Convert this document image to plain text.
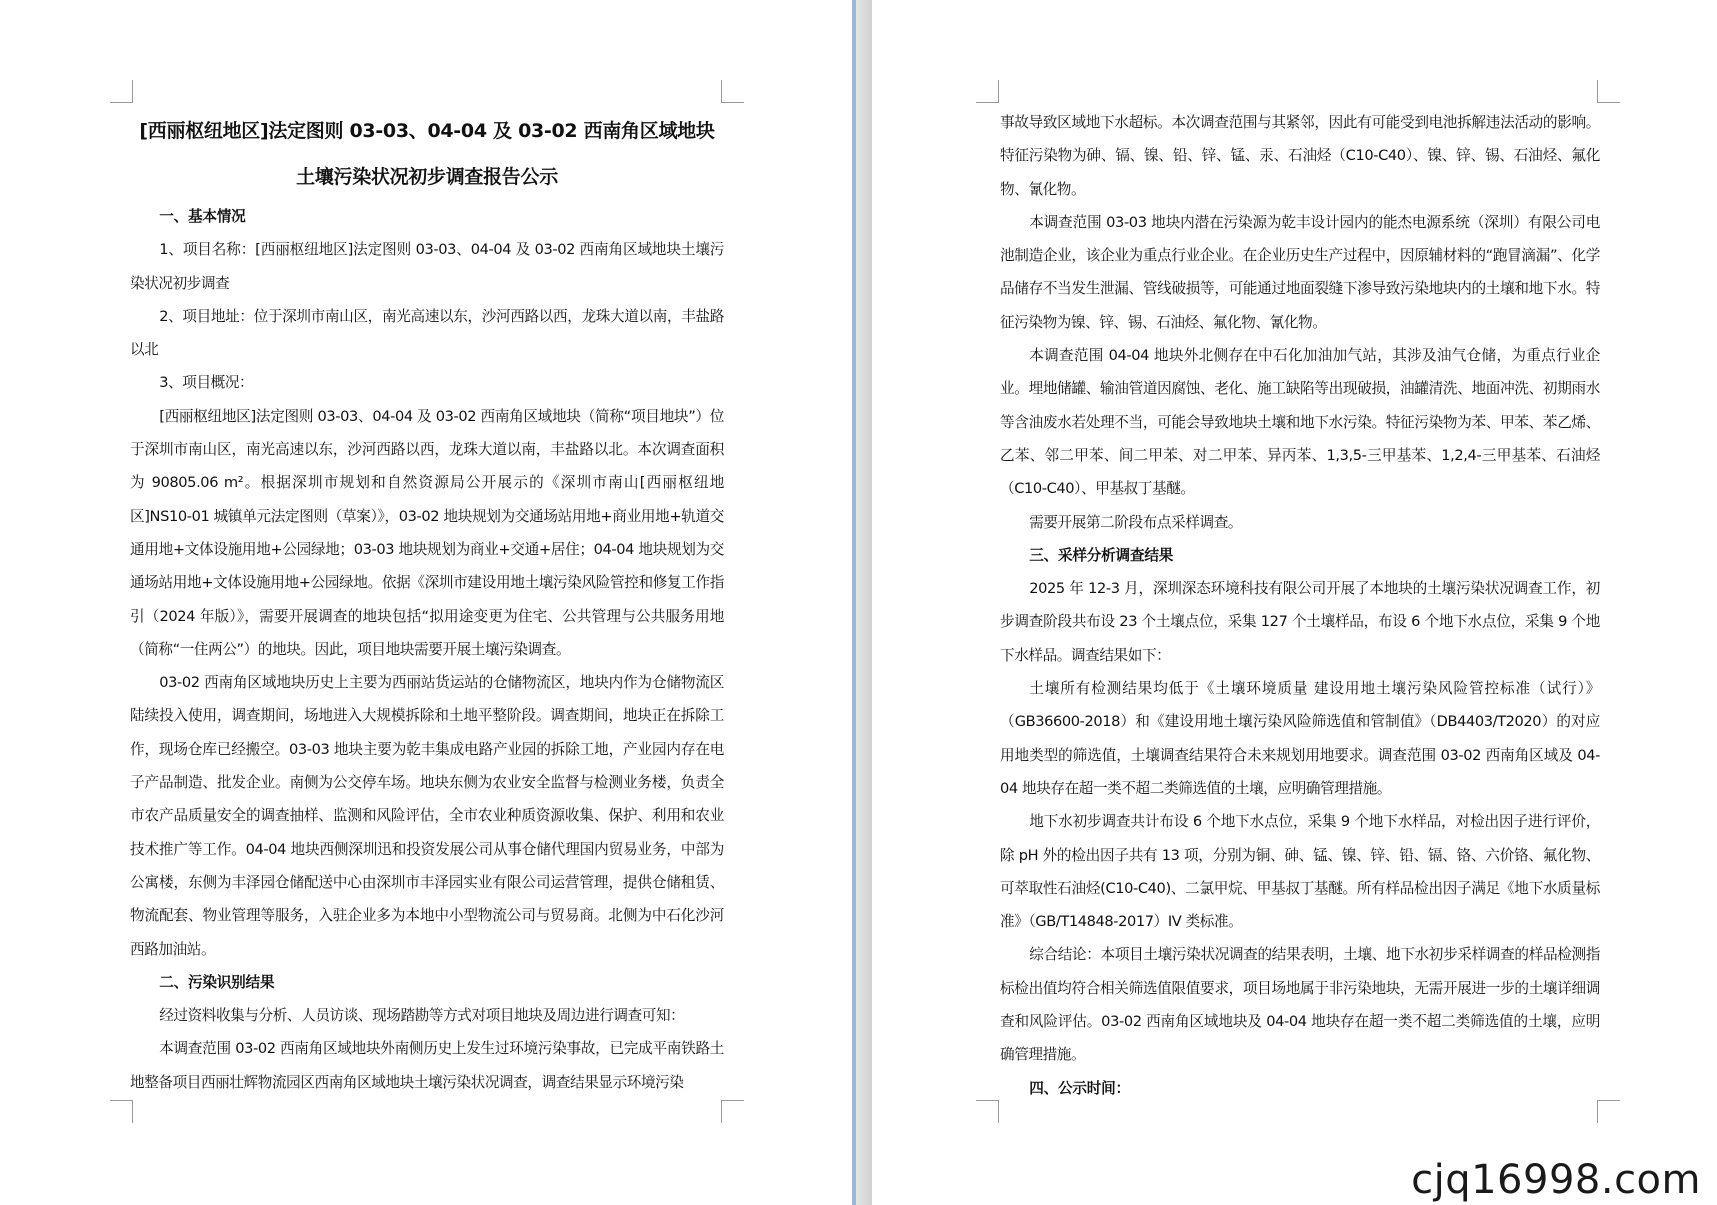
[西丽枢纽地区]法定图则 03-03、04-04 及 03-02 西南角区域地块

土壤污染状况初步调查报告公示

一、基本情况

1、项目名称：[西丽枢纽地区]法定图则 03-03、04-04 及 03-02 西南角区域地块土壤污染状况初步调查

2、项目地址：位于深圳市南山区，南光高速以东，沙河西路以西，龙珠大道以南，丰盐路以北

3、项目概况：

[西丽枢纽地区]法定图则 03-03、04-04 及 03-02 西南角区域地块（简称“项目地块”）位于深圳市南山区，南光高速以东，沙河西路以西，龙珠大道以南，丰盐路以北。本次调查面积为 90805.06 m²。根据深圳市规划和自然资源局公开展示的《深圳市南山[西丽枢纽地区]NS10-01 城镇单元法定图则（草案）》，03-02 地块规划为交通场站用地+商业用地+轨道交通用地+文体设施用地+公园绿地；03-03 地块规划为商业+交通+居住；04-04 地块规划为交通场站用地+文体设施用地+公园绿地。依据《深圳市建设用地土壤污染风险管控和修复工作指引（2024 年版）》，需要开展调查的地块包括“拟用途变更为住宅、公共管理与公共服务用地（简称“一住两公”）的地块。因此，项目地块需要开展土壤污染调查。

03-02 西南角区域地块历史上主要为西丽站货运站的仓储物流区，地块内作为仓储物流区陆续投入使用，调查期间，场地进入大规模拆除和土地平整阶段。调查期间，地块正在拆除工作，现场仓库已经搬空。03-03 地块主要为乾丰集成电路产业园的拆除工地，产业园内存在电子产品制造、批发企业。南侧为公交停车场。地块东侧为农业安全监督与检测业务楼，负责全市农产品质量安全的调查抽样、监测和风险评估，全市农业种质资源收集、保护、利用和农业技术推广等工作。04-04 地块西侧深圳迅和投资发展公司从事仓储代理国内贸易业务，中部为公寓楼，东侧为丰泽园仓储配送中心由深圳市丰泽园实业有限公司运营管理，提供仓储租赁、物流配套、物业管理等服务，入驻企业多为本地中小型物流公司与贸易商。北侧为中石化沙河西路加油站。

二、污染识别结果

经过资料收集与分析、人员访谈、现场踏勘等方式对项目地块及周边进行调查可知：

本调查范围 03-02 西南角区域地块外南侧历史上发生过环境污染事故，已完成平南铁路土地整备项目西丽壮辉物流园区西南角区域地块土壤污染状况调查，调查结果显示环境污染

事故导致区域地下水超标。本次调查范围与其紧邻，因此有可能受到电池拆解违法活动的影响。特征污染物为砷、镉、镍、铅、锌、锰、汞、石油烃（C10-C40）、镍、锌、锡、石油烃、氟化物、氰化物。

本调查范围 03-03 地块内潜在污染源为乾丰设计园内的能杰电源系统（深圳）有限公司电池制造企业，该企业为重点行业企业。在企业历史生产过程中，因原辅材料的“跑冒滴漏”、化学品储存不当发生泄漏、管线破损等，可能通过地面裂缝下渗导致污染地块内的土壤和地下水。特征污染物为镍、锌、锡、石油烃、氟化物、氰化物。

本调查范围 04-04 地块外北侧存在中石化加油加气站，其涉及油气仓储，为重点行业企业。埋地储罐、输油管道因腐蚀、老化、施工缺陷等出现破损，油罐清洗、地面冲洗、初期雨水等含油废水若处理不当，可能会导致地块土壤和地下水污染。特征污染物为苯、甲苯、苯乙烯、乙苯、邻二甲苯、间二甲苯、对二甲苯、异丙苯、1,3,5-三甲基苯、1,2,4-三甲基苯、石油烃（C10-C40）、甲基叔丁基醚。

需要开展第二阶段布点采样调查。

三、采样分析调查结果

2025 年 12-3 月，深圳深态环境科技有限公司开展了本地块的土壤污染状况调查工作，初步调查阶段共布设 23 个土壤点位，采集 127 个土壤样品，布设 6 个地下水点位，采集 9 个地下水样品。调查结果如下：

土壤所有检测结果均低于《土壤环境质量 建设用地土壤污染风险管控标准（试行）》（GB36600-2018）和《建设用地土壤污染风险筛选值和管制值》（DB4403/T2020）的对应用地类型的筛选值，土壤调查结果符合未来规划用地要求。调查范围 03-02 西南角区域及 04-04 地块存在超一类不超二类筛选值的土壤，应明确管理措施。

地下水初步调查共计布设 6 个地下水点位，采集 9 个地下水样品，对检出因子进行评价，除 pH 外的检出因子共有 13 项，分别为铜、砷、锰、镍、锌、铅、镉、铬、六价铬、氟化物、可萃取性石油烃(C10-C40)、二氯甲烷、甲基叔丁基醚。所有样品检出因子满足《地下水质量标准》（GB/T14848-2017）IV 类标准。

综合结论：本项目土壤污染状况调查的结果表明，土壤、地下水初步采样调查的样品检测指标检出值均符合相关筛选值限值要求，项目场地属于非污染地块，无需开展进一步的土壤详细调查和风险评估。03-02 西南角区域地块及 04-04 地块存在超一类不超二类筛选值的土壤，应明确管理措施。

四、公示时间：

cjq16998.com
